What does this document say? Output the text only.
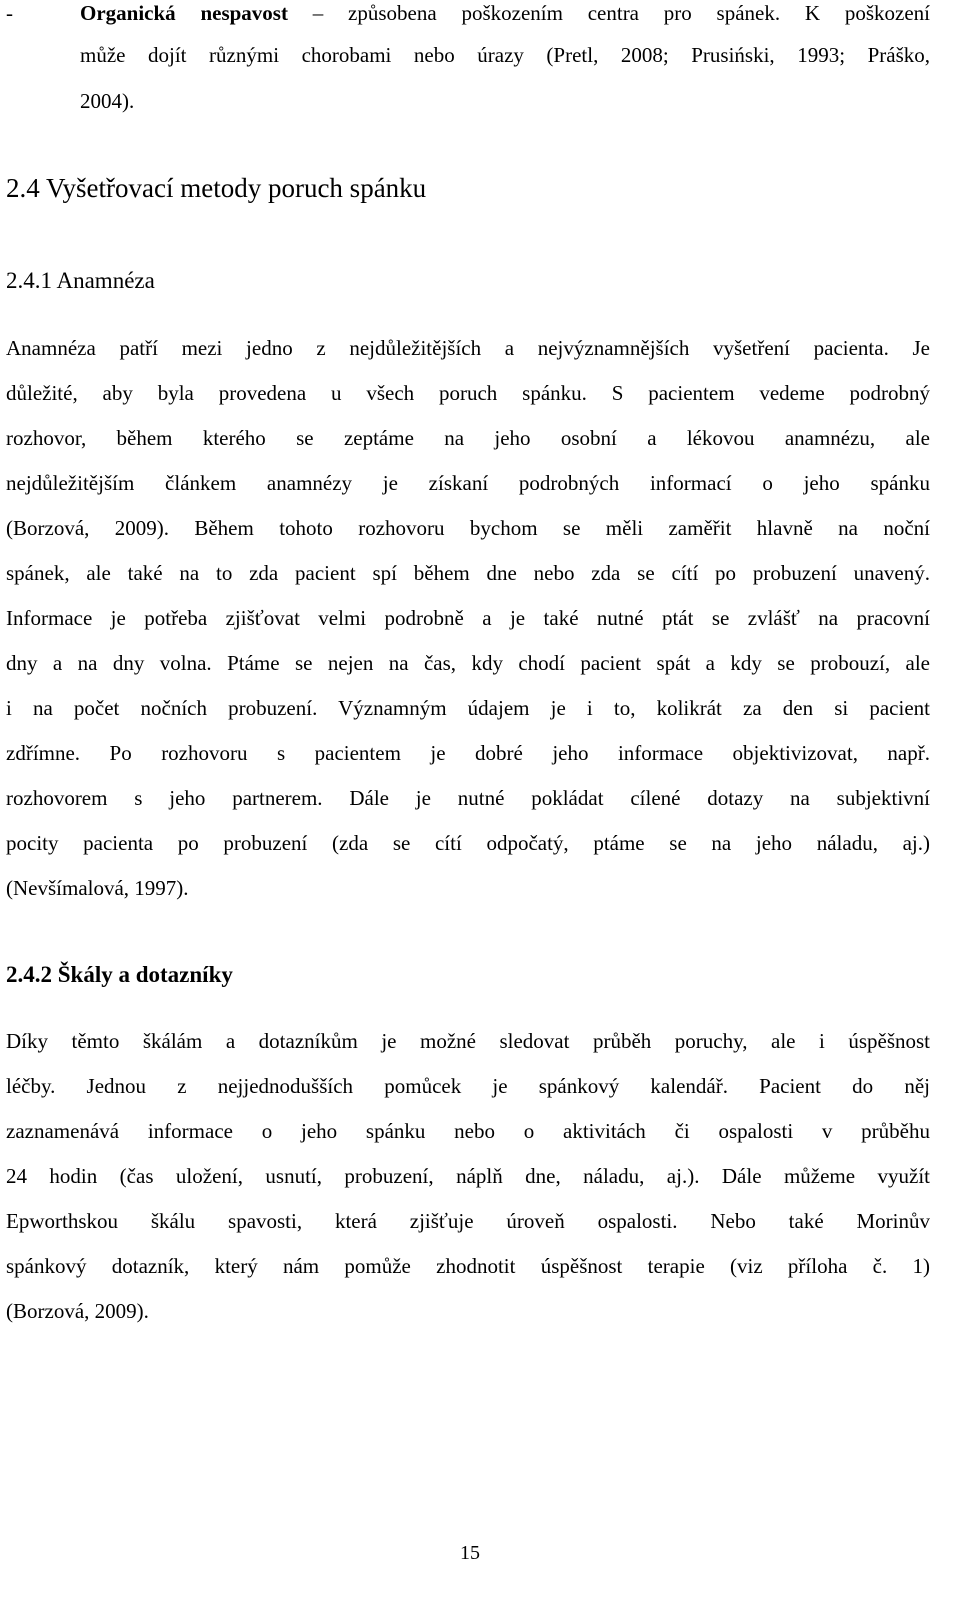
-	Organická nespavost – způsobena poškozením centra pro spánek. K poškození
může dojít různými chorobami nebo úrazy (Pretl, 2008; Prusiński, 1993; Práško,
2004).
2.4 Vyšetřovací metody poruch spánku
2.4.1 Anamnéza
Anamnéza patří mezi jedno z nejdůležitějších a nejvýznamnějších vyšetření pacienta. Je
důležité, aby byla provedena u všech poruch spánku. S pacientem vedeme podrobný
rozhovor, během kterého se zeptáme na jeho osobní a lékovou anamnézu, ale
nejdůležitějším článkem anamnézy je získaní podrobných informací o jeho spánku
(Borzová, 2009). Během tohoto rozhovoru bychom se měli zaměřit hlavně na noční
spánek, ale také na to zda pacient spí během dne nebo zda se cítí po probuzení unavený.
Informace je potřeba zjišťovat velmi podrobně a je také nutné ptát se zvlášť na pracovní
dny a na dny volna. Ptáme se nejen na čas, kdy chodí pacient spát a kdy se probouzí, ale
i na počet nočních probuzení. Významným údajem je i to, kolikrát za den si pacient
zdřímne. Po rozhovoru s pacientem je dobré jeho informace objektivizovat, např.
rozhovorem s jeho partnerem. Dále je nutné pokládat cílené dotazy na subjektivní
pocity pacienta po probuzení (zda se cítí odpočatý, ptáme se na jeho náladu, aj.)
(Nevšímalová, 1997).
2.4.2 Škály a dotazníky
Díky těmto škálám a dotazníkům je možné sledovat průběh poruchy, ale i úspěšnost
léčby. Jednou z nejjednodušších pomůcek je spánkový kalendář. Pacient do něj
zaznamenává informace o jeho spánku nebo o aktivitách či ospalosti v průběhu
24 hodin (čas uložení, usnutí, probuzení, náplň dne, náladu, aj.). Dále můžeme využít
Epworthskou škálu spavosti, která zjišťuje úroveň ospalosti. Nebo také Morinův
spánkový dotazník, který nám pomůže zhodnotit úspěšnost terapie (viz příloha č. 1)
(Borzová, 2009).
15
